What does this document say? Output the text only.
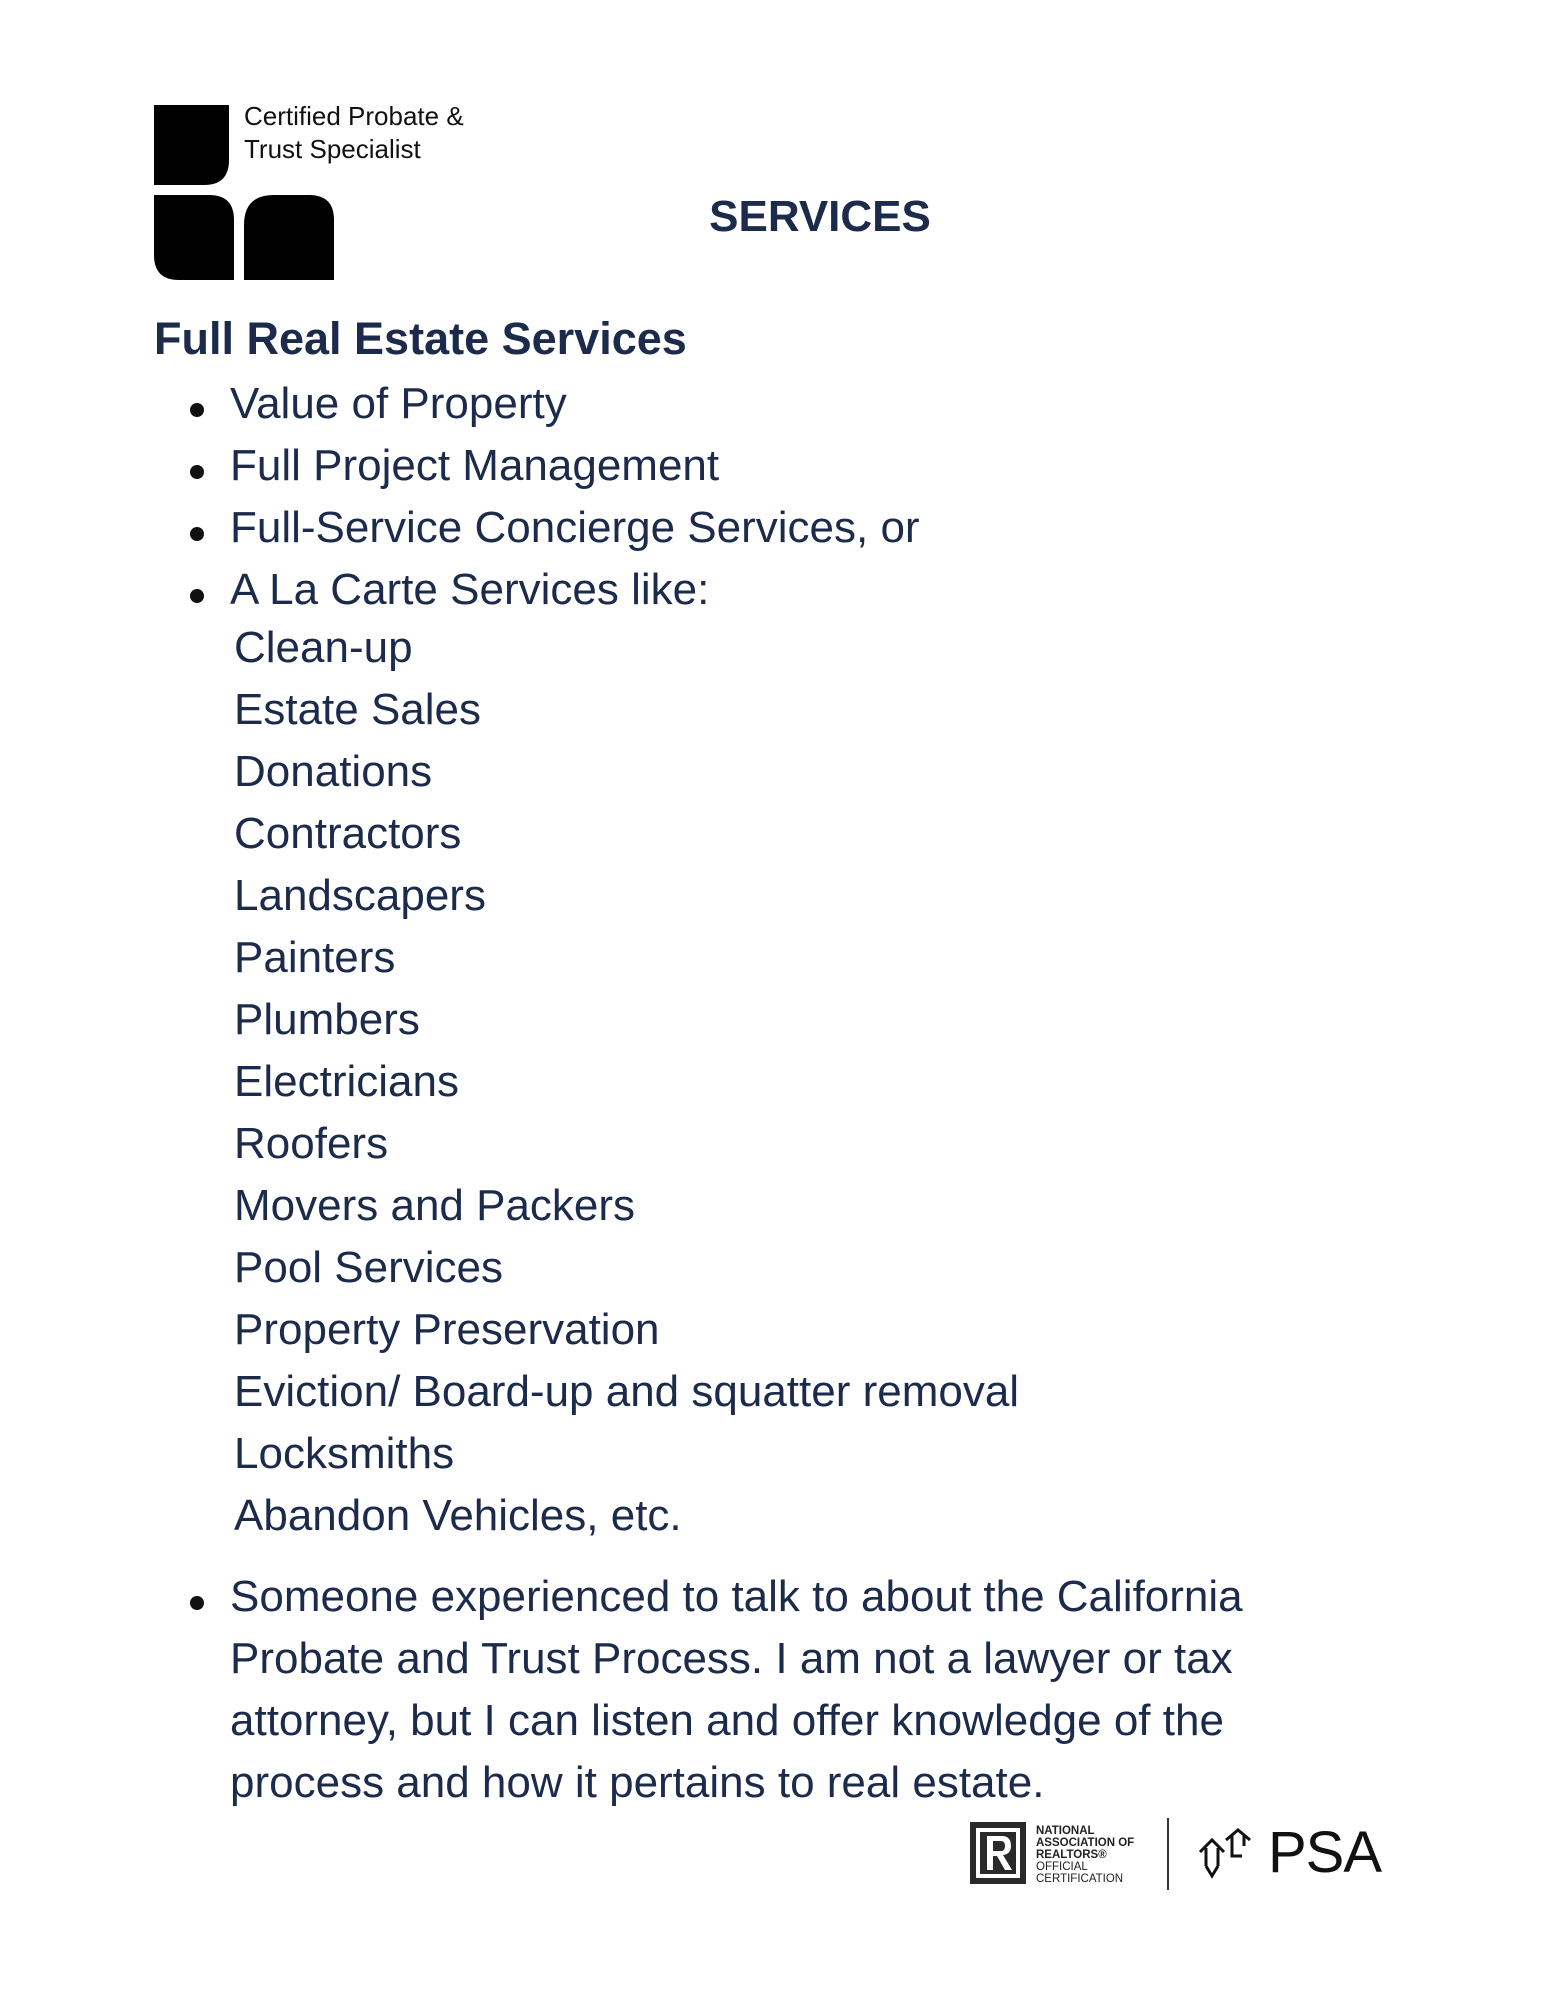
Certified Probate &
Trust Specialist
SERVICES
Full Real Estate Services
Value of Property
Full Project Management
Full-Service Concierge Services, or
A La Carte Services like:
Clean-up
Estate Sales
Donations
Contractors
Landscapers
Painters
Plumbers
Electricians
Roofers
Movers and Packers
Pool Services
Property Preservation
Eviction/ Board-up and squatter removal
Locksmiths
Abandon Vehicles, etc.
Someone experienced to talk to about the California
Probate and Trust Process. I am not a lawyer or tax
attorney, but I can listen and offer knowledge of the
process and how it pertains to real estate.
NATIONAL
ASSOCIATION OF
REALTORS®
OFFICIAL
CERTIFICATION PSA
